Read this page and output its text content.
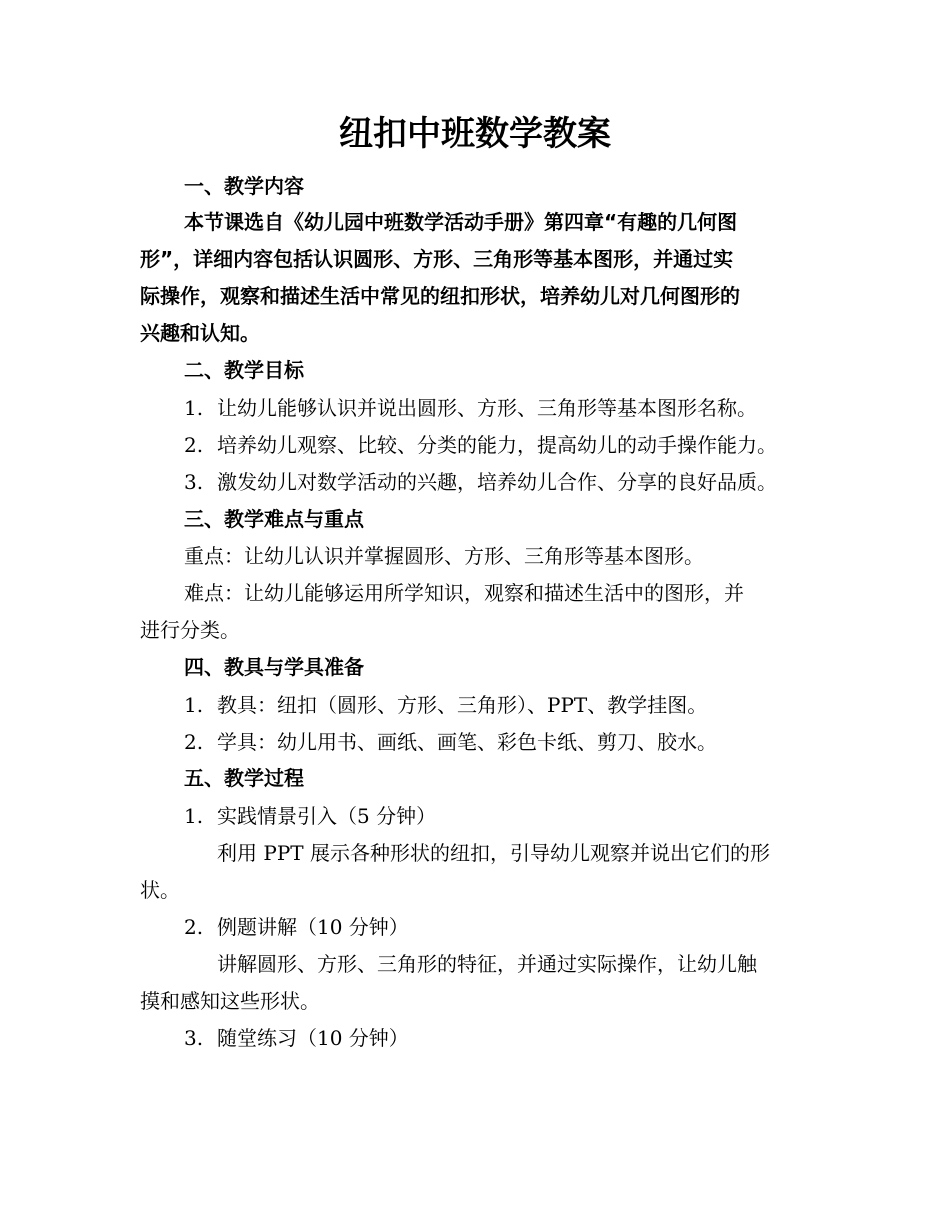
纽扣中班数学教案
一、教学内容
本节课选自《幼儿园中班数学活动手册》第四章“有趣的几何图
形”，详细内容包括认识圆形、方形、三角形等基本图形，并通过实
际操作，观察和描述生活中常见的纽扣形状，培养幼儿对几何图形的
兴趣和认知。
二、教学目标
1. 让幼儿能够认识并说出圆形、方形、三角形等基本图形名称。
2. 培养幼儿观察、比较、分类的能力，提高幼儿的动手操作能力。
3. 激发幼儿对数学活动的兴趣，培养幼儿合作、分享的良好品质。
三、教学难点与重点
重点：让幼儿认识并掌握圆形、方形、三角形等基本图形。
难点：让幼儿能够运用所学知识，观察和描述生活中的图形，并
进行分类。
四、教具与学具准备
1. 教具：纽扣（圆形、方形、三角形）、PPT、教学挂图。
2. 学具：幼儿用书、画纸、画笔、彩色卡纸、剪刀、胶水。
五、教学过程
1. 实践情景引入（5 分钟）
利用 PPT 展示各种形状的纽扣，引导幼儿观察并说出它们的形
状。
2. 例题讲解（10 分钟）
讲解圆形、方形、三角形的特征，并通过实际操作，让幼儿触
摸和感知这些形状。
3. 随堂练习（10 分钟）
